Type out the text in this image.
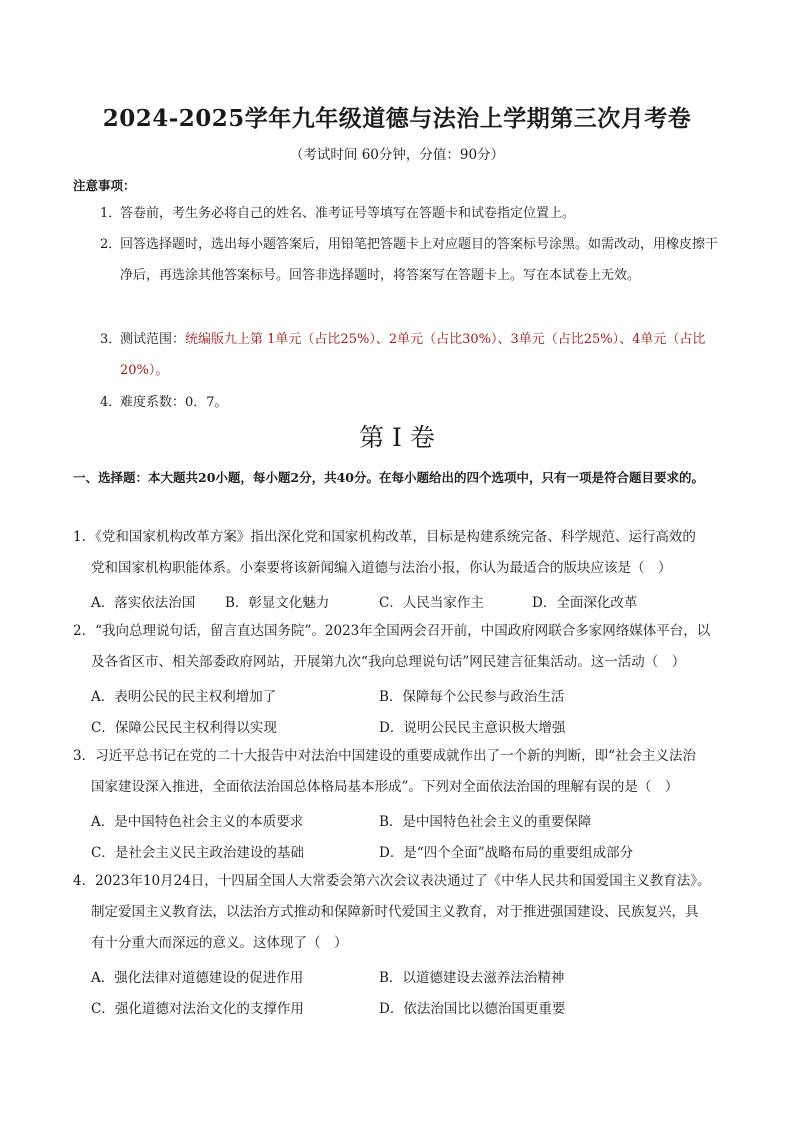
2024-2025学年九年级道德与法治上学期第三次月考卷
（考试时间 60分钟，分值：90分）
注意事项：
1．
答卷前，考生务必将自己的姓名、准考证号等填写在答题卡和试卷指定位置上。
2．
回答选择题时，选出每小题答案后，用铅笔把答题卡上对应题目的答案标号涂黑。如需改动，用橡皮擦干净后，再选涂其他答案标号。回答非选择题时，将答案写在答题卡上。写在本试卷上无效。
3．
测试范围：统编版九上第 1单元（占比25%）、2单元（占比30%）、3单元（占比25%）、4单元（占比20%）。
4．
难度系数：0．7。
第 I 卷
一、选择题：本大题共20小题，每小题2分，共40分。在每小题给出的四个选项中，只有一项是符合题目要求的。
1．《党和国家机构改革方案》指出深化党和国家机构改革，目标是构建系统完备、科学规范、运行高效的
党和国家机构职能体系。小秦要将该新闻编入道德与法治小报，你认为最适合的版块应该是（　）
A．落实依法治国 B．彰显文化魅力	C．人民当家作主	D．全面深化改革
2．“我向总理说句话，留言直达国务院”。2023年全国两会召开前，中国政府网联合多家网络媒体平台，以
及各省区市、相关部委政府网站，开展第九次“我向总理说句话”网民建言征集活动。这一活动（　）
A．表明公民的民主权利增加了	B．保障每个公民参与政治生活
C．保障公民民主权利得以实现	D．说明公民民主意识极大增强
3．习近平总书记在党的二十大报告中对法治中国建设的重要成就作出了一个新的判断，即“社会主义法治
国家建设深入推进，全面依法治国总体格局基本形成”。下列对全面依法治国的理解有误的是（　）
A．是中国特色社会主义的本质要求	B．是中国特色社会主义的重要保障
C．是社会主义民主政治建设的基础	D．是“四个全面”战略布局的重要组成部分
4．2023年10月24日，十四届全国人大常委会第六次会议表决通过了《中华人民共和国爱国主义教育法》。
制定爱国主义教育法，以法治方式推动和保障新时代爱国主义教育，对于推进强国建设、民族复兴，具
有十分重大而深远的意义。这体现了（　）
A．强化法律对道德建设的促进作用	B．以道德建设去滋养法治精神
C．强化道德对法治文化的支撑作用	D．依法治国比以德治国更重要
